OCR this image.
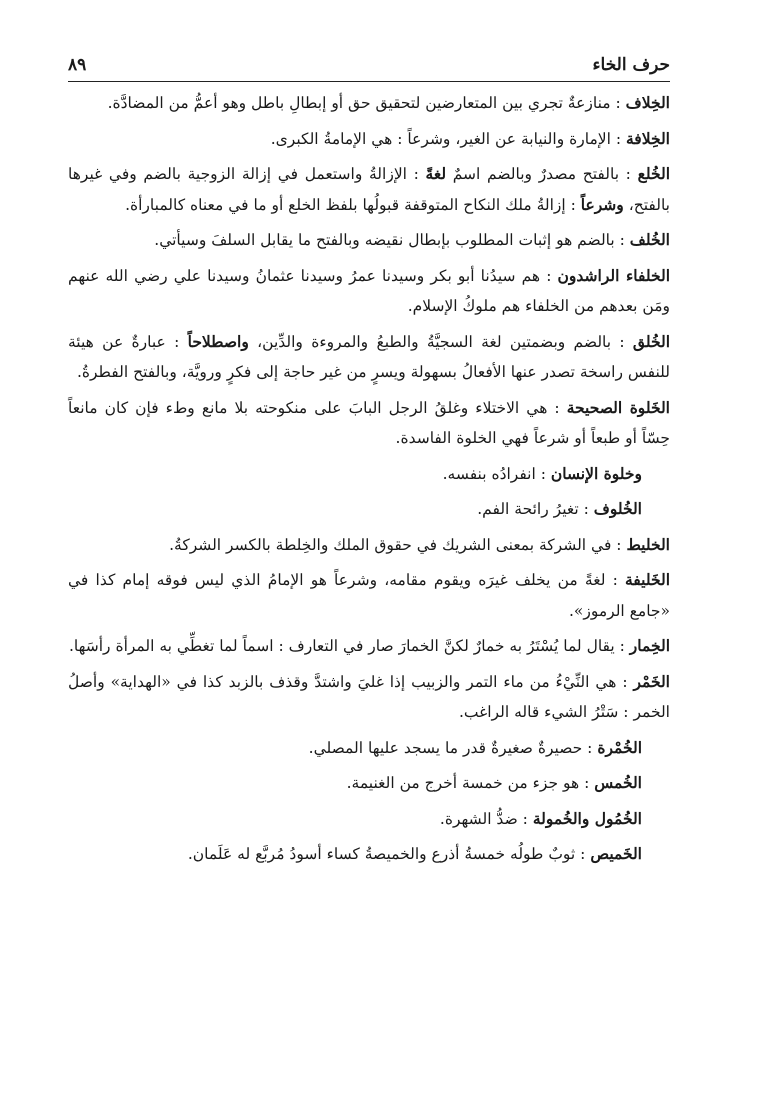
حرف الخاء
٨٩

الخِلاف : منازعةٌ تجري بين المتعارضين لتحقيق حق أو إبطالِ باطل وهو أعمُّ من المضادَّة.

الخِلافة : الإمارة والنيابة عن الغير، وشرعاً : هي الإمامةُ الكبرى.

الخُلع : بالفتح مصدرٌ وبالضم اسمٌ لغةً : الإزالةُ واستعمل في إزالة الزوجية بالضم وفي غيرها بالفتح، وشرعاً : إزالةُ ملك النكاح المتوقفة قبولُها بلفظ الخلع أو ما في معناه كالمبارأة.

الخُلف : بالضم هو إثبات المطلوب بإبطال نقيضه وبالفتح ما يقابل السلفَ وسيأتي.

الخلفاء الراشدون : هم سيدُنا أبو بكر وسيدنا عمرُ وسيدنا عثمانُ وسيدنا علي رضي الله عنهم ومَن بعدهم من الخلفاء هم ملوكُ الإسلام.

الخُلق : بالضم وبضمتين لغة السجيَّةُ والطبعُ والمروءة والدِّين، واصطلاحاً : عبارةٌ عن هيئة للنفس راسخة تصدر عنها الأفعالُ بسهولة ويسرٍ من غير حاجة إلى فكرٍ ورويَّة، وبالفتح الفطرةُ.

الخَلوة الصحيحة : هي الاختلاء وغلقُ الرجل البابَ على منكوحته بلا مانع وطء فإن كان مانعاً حِسّاً أو طبعاً أو شرعاً فهي الخلوة الفاسدة.

وخلوة الإنسان : انفرادُه بنفسه.

الخُلوف : تغيرُ رائحة الفم.

الخليط : في الشركة بمعنى الشريك في حقوق الملك والخِلطة بالكسر الشركةُ.

الخَليفة : لغةً من يخلف غيرَه ويقوم مقامه، وشرعاً هو الإمامُ الذي ليس فوقه إمام كذا في «جامع الرموز».

الخِمار : يقال لما يُسْتَرُ به خمارٌ لكنَّ الخمارَ صار في التعارف : اسماً لما تغطِّي به المرأة رأسَها.

الخَمْر : هي النِّيْءُ من ماء التمر والزبيب إذا غليَ واشتدَّ وقذف بالزبد كذا في «الهداية» وأصلُ الخمر : سَتْرُ الشيء قاله الراغب.

الخُمْرة : حصيرةٌ صغيرةٌ قدر ما يسجد عليها المصلي.

الخُمس : هو جزء من خمسة أخرج من الغنيمة.

الخُمُول والخُمولة : ضدُّ الشهرة.

الخَميص : ثوبٌ طولُه خمسةُ أذرع والخميصةُ كساء أسودُ مُربَّع له عَلَمان.
